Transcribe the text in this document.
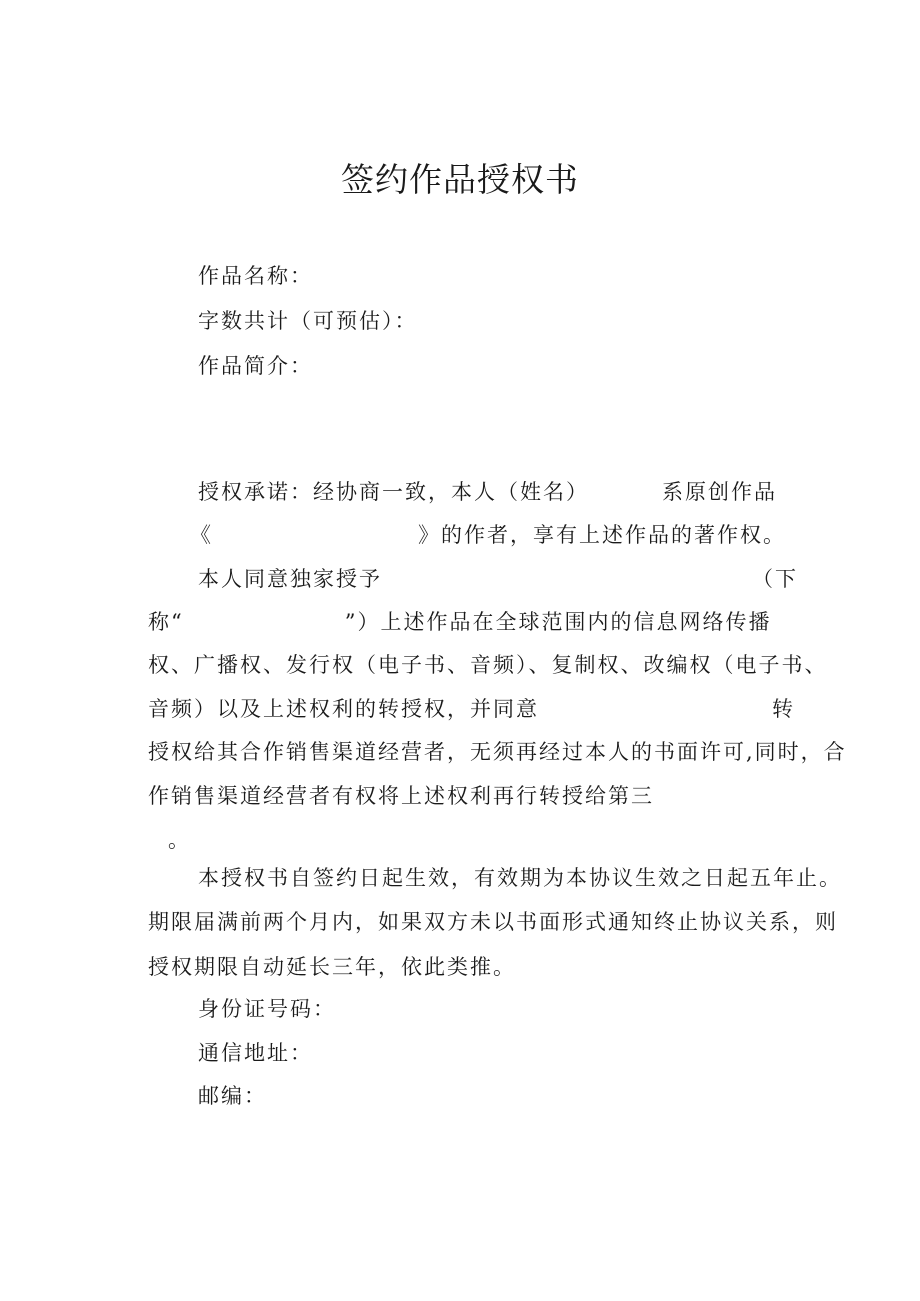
签约作品授权书
作品名称：
字数共计（可预估）：
作品简介：
授权承诺：经协商一致，本人（姓名）	系原创作品
《	》的作者，享有上述作品的著作权。
本人同意独家授予	（下
称“　　　　　　　”）上述作品在全球范围内的信息网络传播
权、广播权、发行权（电子书、音频）、复制权、改编权（电子书、
音频）以及上述权利的转授权，并同意	转
授权给其合作销售渠道经营者，无须再经过本人的书面许可,同时，合
作销售渠道经营者有权将上述权利再行转授给第三
。
本授权书自签约日起生效，有效期为本协议生效之日起五年止。
期限届满前两个月内，如果双方未以书面形式通知终止协议关系，则
授权期限自动延长三年，依此类推。
身份证号码：
通信地址：
邮编：
